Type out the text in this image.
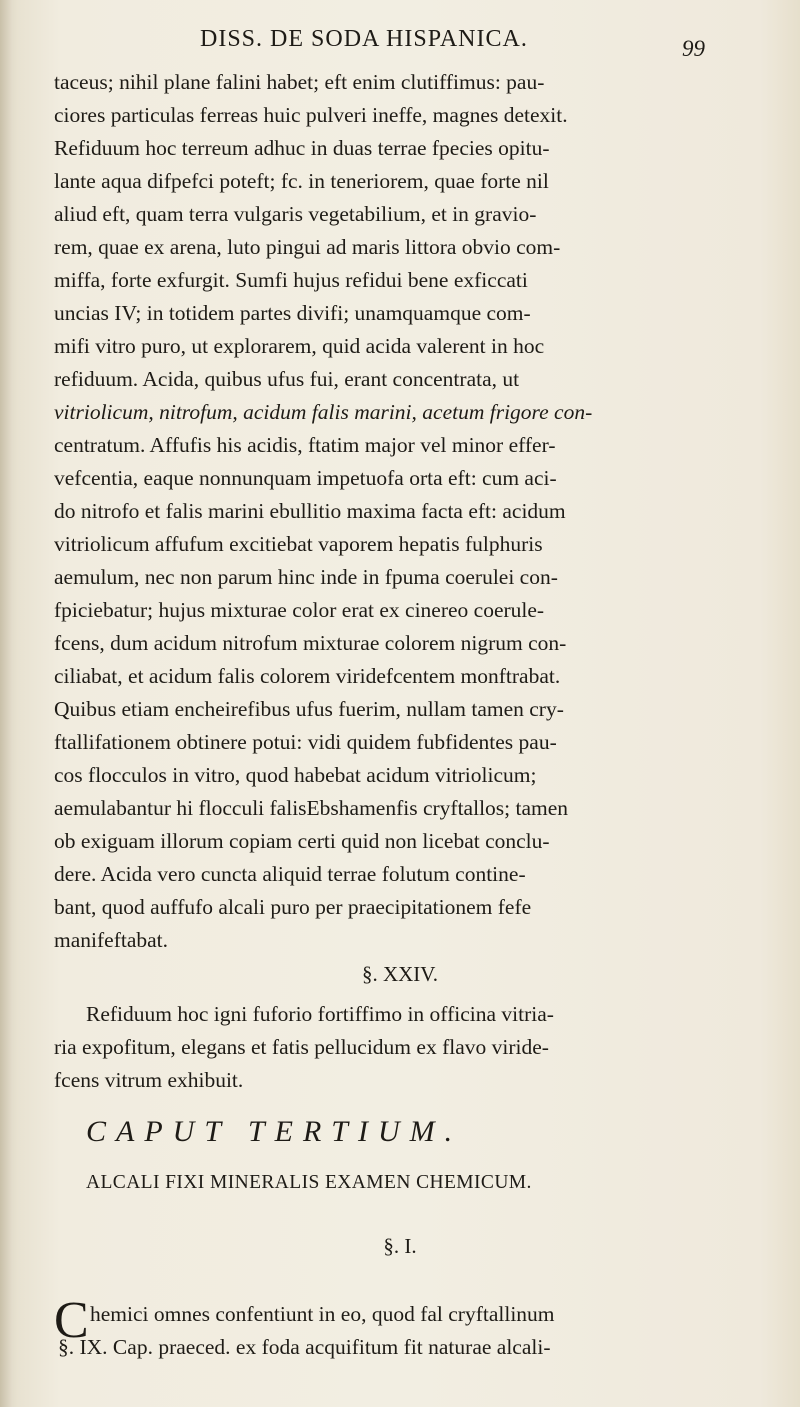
DISS. DE SODA HISPANICA.	99
taceus; nihil plane falini habet; eft enim clutiffimus: pau-
ciores particulas ferreas huic pulveri ineffe, magnes detexit.
Refiduum hoc terreum adhuc in duas terrae fpecies opitu-
lante aqua difpefci poteft; fc. in teneriorem, quae forte nil
aliud eft, quam terra vulgaris vegetabilium, et in gravio-
rem, quae ex arena, luto pingui ad maris littora obvio com-
miffa, forte exfurgit. Sumfi hujus refidui bene exficcati
uncias IV; in totidem partes divifi; unamquamque com-
mifi vitro puro, ut explorarem, quid acida valerent in hoc
refiduum. Acida, quibus ufus fui, erant concentrata, ut
vitriolicum, nitrofum, acidum falis marini, acetum frigore con-
centratum. Affufis his acidis, ftatim major vel minor effer-
vefcentia, eaque nonnunquam impetuofa orta eft: cum aci-
do nitrofo et falis marini ebullitio maxima facta eft: acidum
vitriolicum affufum excitiebat vaporem hepatis fulphuris
aemulum, nec non parum hinc inde in fpuma coerulei con-
fpiciebatur; hujus mixturae color erat ex cinereo coerule-
fcens, dum acidum nitrofum mixturae colorem nigrum con-
ciliabat, et acidum falis colorem viridefcentem monftrabat.
Quibus etiam encheirefibus ufus fuerim, nullam tamen cry-
ftallifationem obtinere potui: vidi quidem fubfidentes pau-
cos flocculos in vitro, quod habebat acidum vitriolicum;
aemulabantur hi flocculi falisEbshamenfis cryftallos; tamen
ob exiguam illorum copiam certi quid non licebat conclu-
dere. Acida vero cuncta aliquid terrae folutum contine-
bant, quod auffufo alcali puro per praecipitationem fefe
manifeftabat.
§. XXIV.
Refiduum hoc igni fuforio fortiffimo in officina vitria-
ria expofitum, elegans et fatis pellucidum ex flavo viride-
fcens vitrum exhibuit.
CAPUT TERTIUM.
ALCALI FIXI MINERALIS EXAMEN CHEMICUM.
§. I.
C hemici omnes confentiunt in eo, quod fal cryftallinum
§. IX. Cap. praeced. ex foda acquifitum fit naturae alcali-
